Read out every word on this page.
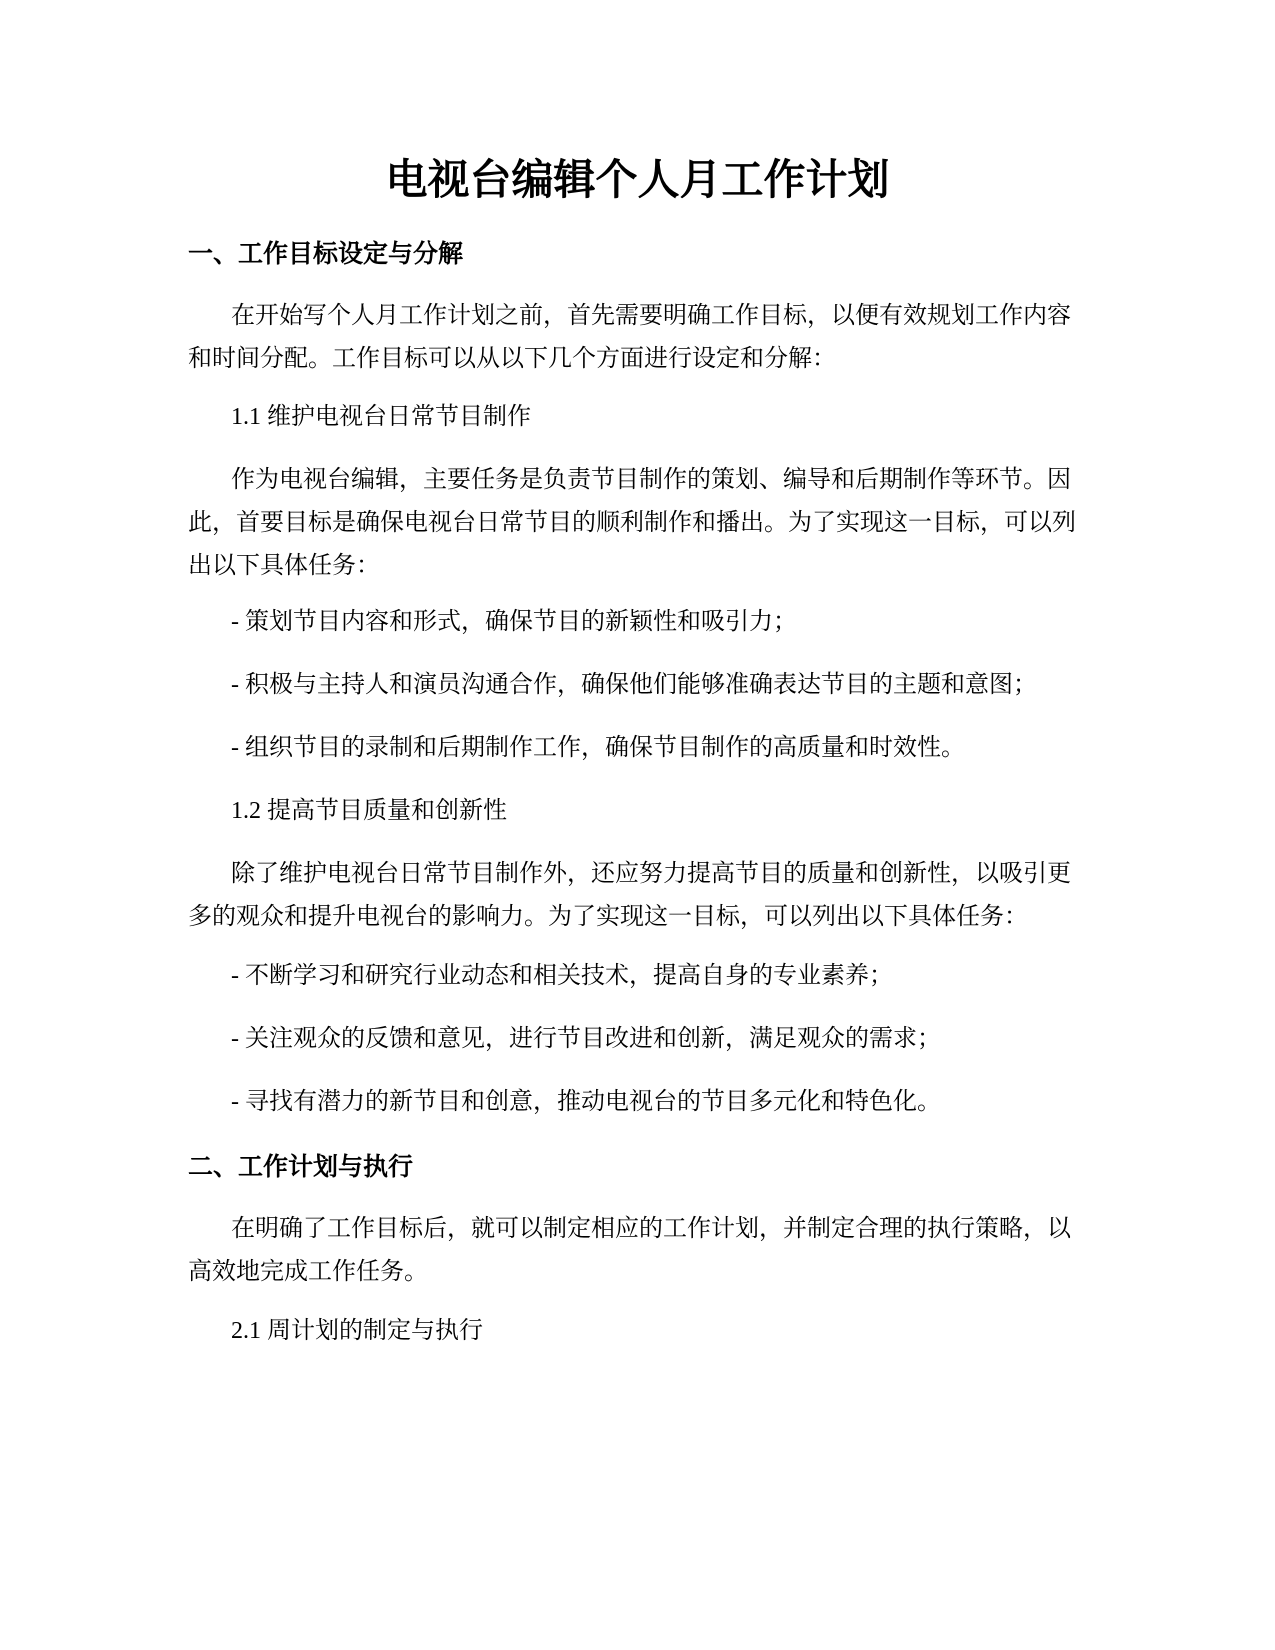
电视台编辑个人月工作计划
一、工作目标设定与分解

在开始写个人月工作计划之前，首先需要明确工作目标，以便有效规划工作内容和时间分配。工作目标可以从以下几个方面进行设定和分解：

1.1 维护电视台日常节目制作

作为电视台编辑，主要任务是负责节目制作的策划、编导和后期制作等环节。因此，首要目标是确保电视台日常节目的顺利制作和播出。为了实现这一目标，可以列出以下具体任务：

- 策划节目内容和形式，确保节目的新颖性和吸引力；

- 积极与主持人和演员沟通合作，确保他们能够准确表达节目的主题和意图；

- 组织节目的录制和后期制作工作，确保节目制作的高质量和时效性。

1.2 提高节目质量和创新性

除了维护电视台日常节目制作外，还应努力提高节目的质量和创新性，以吸引更多的观众和提升电视台的影响力。为了实现这一目标，可以列出以下具体任务：

- 不断学习和研究行业动态和相关技术，提高自身的专业素养；

- 关注观众的反馈和意见，进行节目改进和创新，满足观众的需求；

- 寻找有潜力的新节目和创意，推动电视台的节目多元化和特色化。

二、工作计划与执行

在明确了工作目标后，就可以制定相应的工作计划，并制定合理的执行策略，以高效地完成工作任务。

2.1 周计划的制定与执行
